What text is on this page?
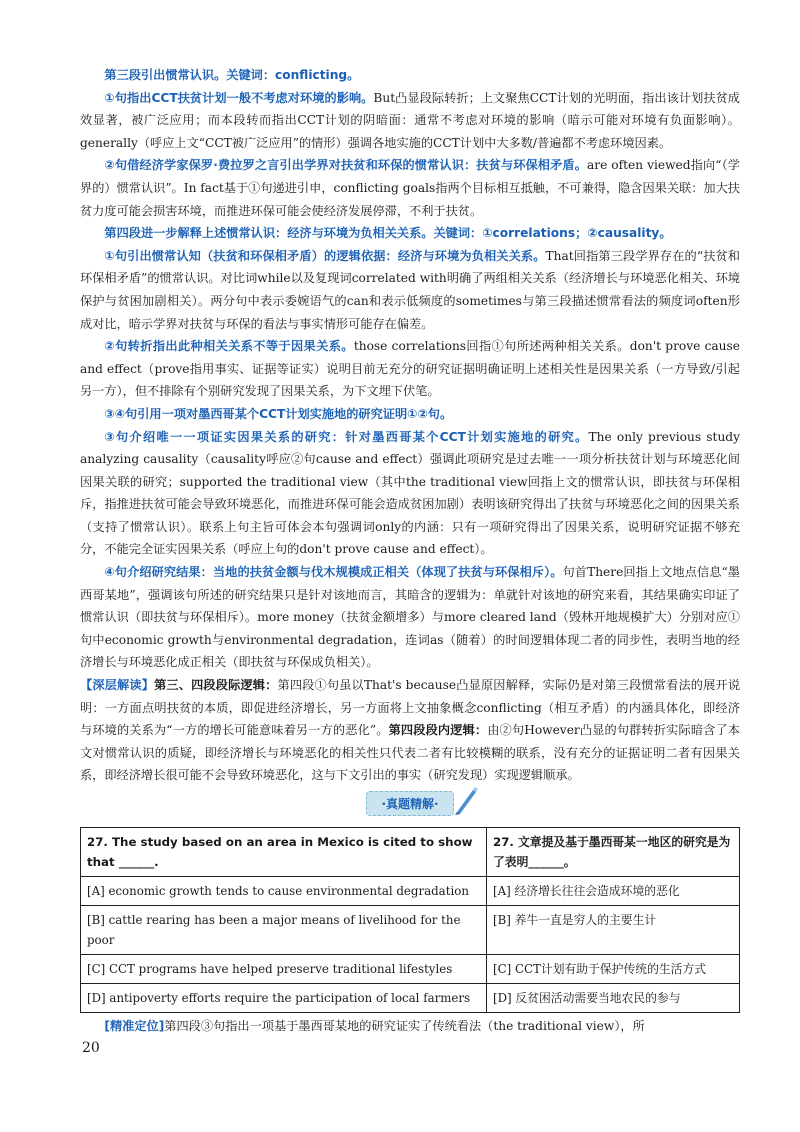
第三段引出惯常认识。关键词：conflicting。

①句指出CCT扶贫计划一般不考虑对环境的影响。But凸显段际转折；上文聚焦CCT计划的光明面，指出该计划扶贫成效显著，被广泛应用；而本段转而指出CCT计划的阴暗面：通常不考虑对环境的影响（暗示可能对环境有负面影响）。generally（呼应上文“CCT被广泛应用”的情形）强调各地实施的CCT计划中大多数/普遍都不考虑环境因素。

②句借经济学家保罗·费拉罗之言引出学界对扶贫和环保的惯常认识：扶贫与环保相矛盾。are often viewed指向“（学界的）惯常认识”。In fact基于①句递进引申，conflicting goals指两个目标相互抵触，不可兼得，隐含因果关联：加大扶贫力度可能会损害环境，而推进环保可能会使经济发展停滞，不利于扶贫。

第四段进一步解释上述惯常认识：经济与环境为负相关关系。关键词：①correlations；②causality。

①句引出惯常认知（扶贫和环保相矛盾）的逻辑依据：经济与环境为负相关关系。That回指第三段学界存在的“扶贫和环保相矛盾”的惯常认识。对比词while以及复现词correlated with明确了两组相关关系（经济增长与环境恶化相关、环境保护与贫困加剧相关）。两分句中表示委婉语气的can和表示低频度的sometimes与第三段描述惯常看法的频度词often形成对比，暗示学界对扶贫与环保的看法与事实情形可能存在偏差。

②句转折指出此种相关关系不等于因果关系。those correlations回指①句所述两种相关关系。don't prove cause and effect（prove指用事实、证据等证实）说明目前无充分的研究证据明确证明上述相关性是因果关系（一方导致/引起另一方），但不排除有个别研究发现了因果关系，为下文埋下伏笔。

③④句引用一项对墨西哥某个CCT计划实施地的研究证明①②句。

③句介绍唯一一项证实因果关系的研究：针对墨西哥某个CCT计划实施地的研究。The only previous study analyzing causality（causality呼应②句cause and effect）强调此项研究是过去唯一一项分析扶贫计划与环境恶化间因果关联的研究；supported the traditional view（其中the traditional view回指上文的惯常认识，即扶贫与环保相斥，指推进扶贫可能会导致环境恶化，而推进环保可能会造成贫困加剧）表明该研究得出了扶贫与环境恶化之间的因果关系（支持了惯常认识）。联系上句主旨可体会本句强调词only的内涵：只有一项研究得出了因果关系，说明研究证据不够充分，不能完全证实因果关系（呼应上句的don't prove cause and effect）。

④句介绍研究结果：当地的扶贫金额与伐木规模成正相关（体现了扶贫与环保相斥）。句首There回指上文地点信息“墨西哥某地”，强调该句所述的研究结果只是针对该地而言，其暗含的逻辑为：单就针对该地的研究来看，其结果确实印证了惯常认识（即扶贫与环保相斥）。more money（扶贫金额增多）与more cleared land（毁林开地规模扩大）分别对应①句中economic growth与environmental degradation，连词as（随着）的时间逻辑体现二者的同步性，表明当地的经济增长与环境恶化成正相关（即扶贫与环保成负相关）。

【深层解读】第三、四段段际逻辑：第四段①句虽以That's because凸显原因解释，实际仍是对第三段惯常看法的展开说明：一方面点明扶贫的本质，即促进经济增长，另一方面将上文抽象概念conflicting（相互矛盾）的内涵具体化，即经济与环境的关系为“一方的增长可能意味着另一方的恶化”。第四段段内逻辑：由②句However凸显的句群转折实际暗含了本文对惯常认识的质疑，即经济增长与环境恶化的相关性只代表二者有比较模糊的联系，没有充分的证据证明二者有因果关系，即经济增长很可能不会导致环境恶化，这与下文引出的事实（研究发现）实现逻辑顺承。

·真题精解·
27. The study based on an area in Mexico is cited to show that ______.	27. 文章提及基于墨西哥某一地区的研究是为了表明______。
[A] economic growth tends to cause environmental degradation	[A] 经济增长往往会造成环境的恶化
[B] cattle rearing has been a major means of livelihood for the poor	[B] 养牛一直是穷人的主要生计
[C] CCT programs have helped preserve traditional lifestyles	[C] CCT计划有助于保护传统的生活方式
[D] antipoverty efforts require the participation of local farmers	[D] 反贫困活动需要当地农民的参与

[精准定位]第四段③句指出一项基于墨西哥某地的研究证实了传统看法（the traditional view），所

20
